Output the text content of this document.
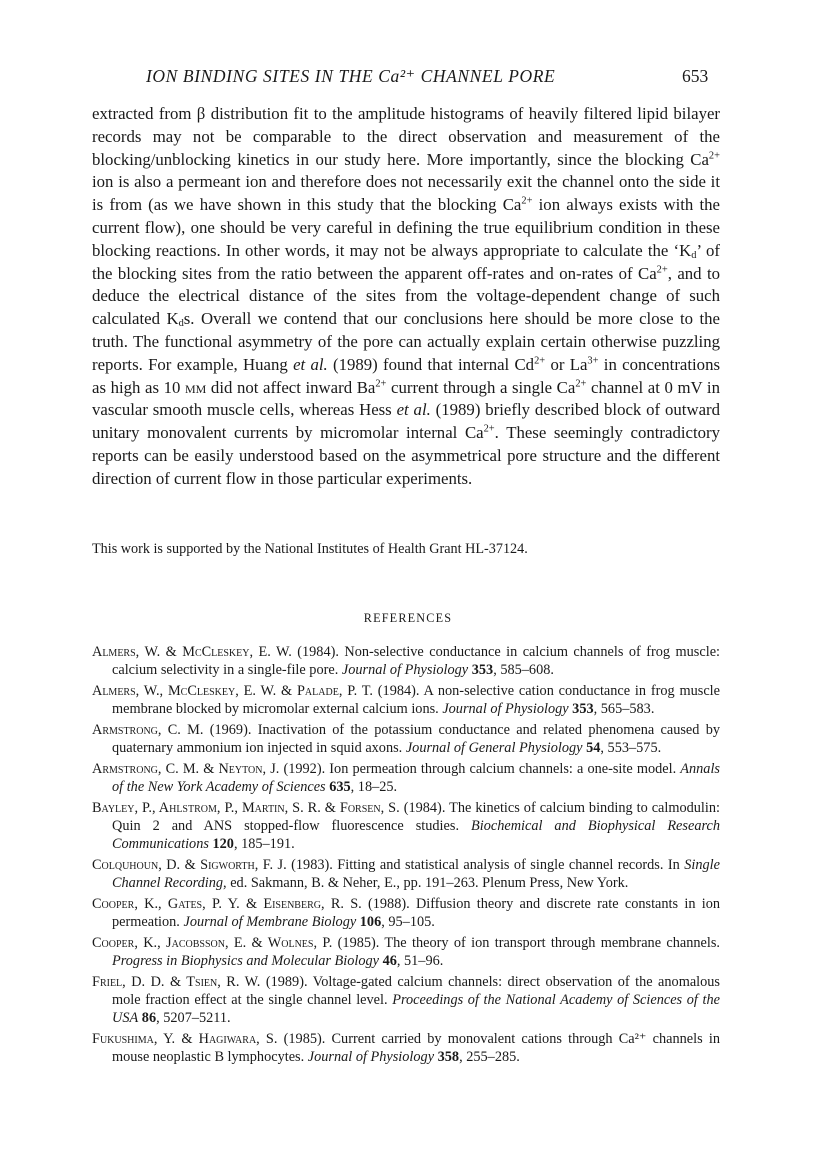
ION BINDING SITES IN THE Ca²⁺ CHANNEL PORE	653
extracted from β distribution fit to the amplitude histograms of heavily filtered lipid bilayer records may not be comparable to the direct observation and measurement of the blocking/unblocking kinetics in our study here. More importantly, since the blocking $Ca^{2+}$ ion is also a permeant ion and therefore does not necessarily exit the channel onto the side it is from (as we have shown in this study that the blocking $Ca^{2+}$ ion always exists with the current flow), one should be very careful in defining the true equilibrium condition in these blocking reactions. In other words, it may not be always appropriate to calculate the ‘$K_d$’ of the blocking sites from the ratio between the apparent off-rates and on-rates of $Ca^{2+}$, and to deduce the electrical distance of the sites from the voltage-dependent change of such calculated $K_ds$. Overall we contend that our conclusions here should be more close to the truth. The functional asymmetry of the pore can actually explain certain otherwise puzzling reports. For example, Huang et al. (1989) found that internal $Cd^{2+}$ or $La^{3+}$ in concentrations as high as 10 mm did not affect inward $Ba^{2+}$ current through a single $Ca^{2+}$ channel at 0 mV in vascular smooth muscle cells, whereas Hess et al. (1989) briefly described block of outward unitary monovalent currents by micromolar internal $Ca^{2+}$. These seemingly contradictory reports can be easily understood based on the asymmetrical pore structure and the different direction of current flow in those particular experiments.
This work is supported by the National Institutes of Health Grant HL-37124.
REFERENCES

Almers, W. & McCleskey, E. W. (1984). Non-selective conductance in calcium channels of frog muscle: calcium selectivity in a single-file pore. Journal of Physiology 353, 585–608.

Almers, W., McCleskey, E. W. & Palade, P. T. (1984). A non-selective cation conductance in frog muscle membrane blocked by micromolar external calcium ions. Journal of Physiology 353, 565–583.

Armstrong, C. M. (1969). Inactivation of the potassium conductance and related phenomena caused by quaternary ammonium ion injected in squid axons. Journal of General Physiology 54, 553–575.

Armstrong, C. M. & Neyton, J. (1992). Ion permeation through calcium channels: a one-site model. Annals of the New York Academy of Sciences 635, 18–25.

Bayley, P., Ahlstrom, P., Martin, S. R. & Forsen, S. (1984). The kinetics of calcium binding to calmodulin: Quin 2 and ANS stopped-flow fluorescence studies. Biochemical and Biophysical Research Communications 120, 185–191.

Colquhoun, D. & Sigworth, F. J. (1983). Fitting and statistical analysis of single channel records. In Single Channel Recording, ed. Sakmann, B. & Neher, E., pp. 191–263. Plenum Press, New York.

Cooper, K., Gates, P. Y. & Eisenberg, R. S. (1988). Diffusion theory and discrete rate constants in ion permeation. Journal of Membrane Biology 106, 95–105.

Cooper, K., Jacobsson, E. & Wolnes, P. (1985). The theory of ion transport through membrane channels. Progress in Biophysics and Molecular Biology 46, 51–96.

Friel, D. D. & Tsien, R. W. (1989). Voltage-gated calcium channels: direct observation of the anomalous mole fraction effect at the single channel level. Proceedings of the National Academy of Sciences of the USA 86, 5207–5211.

Fukushima, Y. & Hagiwara, S. (1985). Current carried by monovalent cations through Ca²⁺ channels in mouse neoplastic B lymphocytes. Journal of Physiology 358, 255–285.
